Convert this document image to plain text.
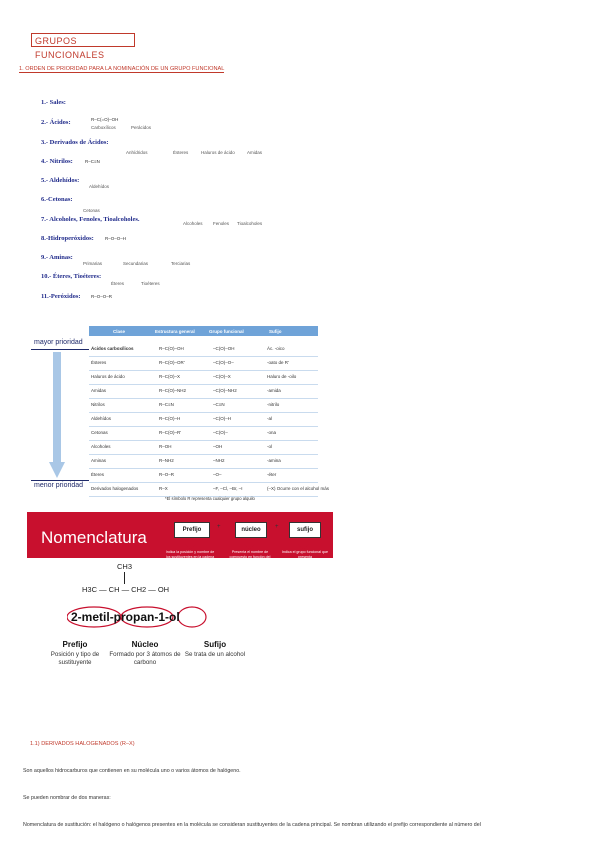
GRUPOS FUNCIONALES
1. ORDEN DE PRIORIDAD PARA LA NOMINACIÓN DE UN GRUPO FUNCIONAL
1.- Sales:
2.- Ácidos:	R–C(=O)–OH
Carboxílicos	Perácidos
3.- Derivados de Ácidos:
Anhídridos	Ésteres	Haluros de ácido	Amidas
4.- Nitrilos:	R–C≡N
5.- Aldehídos:
Aldehídos
6.-Cetonas:
Cetonas
7.- Alcoholes, Fenoles, Tioalcoholes.
Alcoholes Fenoles Tioalcoholes
8.-Hidroperóxidos: R–O–O–H
9.- Aminas:
Primarias	Secundarias	Terciarias
10.- Éteres, Tioéteres:
Éteres	Tioéteres
11.-Peróxidos: R–O–O–R
Clase	Estructura general	Grupo funcional	Sufijo
mayor prioridad
menor prioridad
Ácidos carboxílicos	R–C(O)–OH	–C(O)–OH	Ác. -oico
Ésteres	R–C(O)–OR'	–C(O)–O–	-oato de R'
Haluros de ácido	R–C(O)–X	–C(O)–X	Haluro de -oilo
Amidas	R–C(O)–NH2	–C(O)–NH2	-amida
Nitrilos	R–C≡N	–C≡N	-nitrilo
Aldehídos	R–C(O)–H	–C(O)–H	-al
Cetonas	R–C(O)–R'	–C(O)–	-ona
Alcoholes	R–OH	–OH	-ol
Aminas	R–NH2	–NH2	-amina
Éteres	R–O–R	–O–	-éter
Derivados halogenados	R–X	–F, –Cl, –Br, –I	(–X) Ocurre con el alcohol más
*El símbolo R representa cualquier grupo alquilo
Nomenclatura	Prefijo	+	núcleo	+	sufijo
Indica la posición y nombre de los sustituyentes en la cadena principal
Presenta el nombre de compuesto en función del número de átomos de carbono más largo
Indica el grupo funcional que presenta
CH3
H3C — CH — CH2 — OH
2-metil-propan-1-ol
Prefijo	Núcleo	Sufijo
Posición y tipo de sustituyente
Formado por 3 átomos de carbono
Se trata de un alcohol
1.1) DERIVADOS HALOGENADOS (R–X)
Son aquellos hidrocarburos que contienen en su molécula uno o varios átomos de halógeno.
Se pueden nombrar de dos maneras:
Nomenclatura de sustitución: el halógeno o halógenos presentes en la molécula se consideran sustituyentes de la cadena principal. Se nombran utilizando el prefijo correspondiente al número del
